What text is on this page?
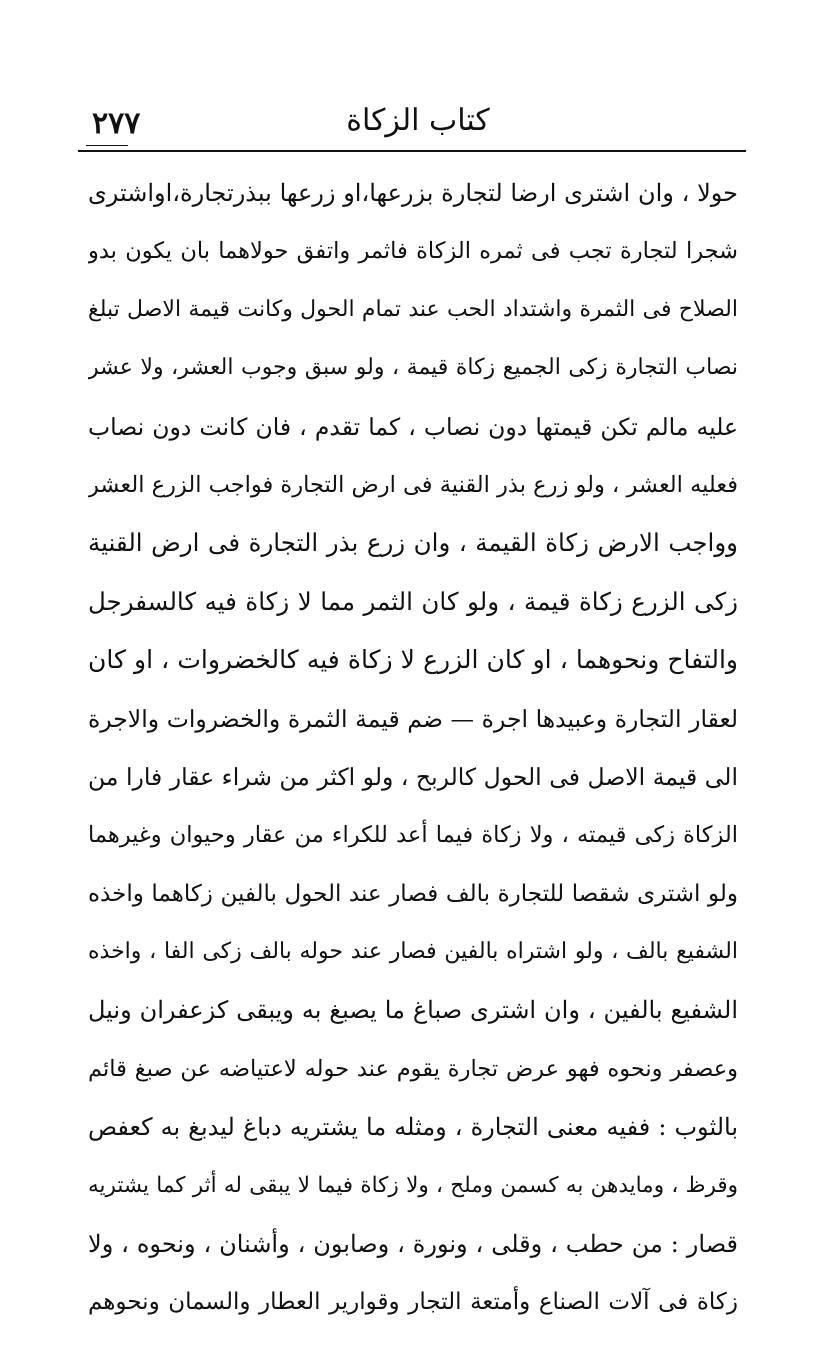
٢٧٧	كتاب الزكاة
حولا ، وان اشترى ارضا لتجارة بزرعها،او زرعها ببذرتجارة،اواشترى
شجرا لتجارة تجب فى ثمره الزكاة فاثمر واتفق حولاهما بان يكون بدو
الصلاح فى الثمرة واشتداد الحب عند تمام الحول وكانت قيمة الاصل تبلغ
نصاب التجارة زكى الجميع زكاة قيمة ، ولو سبق وجوب العشر، ولا عشر
عليه مالم تكن قيمتها دون نصاب ، كما تقدم ، فان كانت دون نصاب
فعليه العشر ، ولو زرع بذر القنية فى ارض التجارة فواجب الزرع العشر
وواجب الارض زكاة القيمة ، وان زرع بذر التجارة فى ارض القنية
زكى الزرع زكاة قيمة ، ولو كان الثمر مما لا زكاة فيه كالسفرجل
والتفاح ونحوهما ، او كان الزرع لا زكاة فيه كالخضروات ، او كان
لعقار التجارة وعبيدها اجرة — ضم قيمة الثمرة والخضروات والاجرة
الى قيمة الاصل فى الحول كالربح ، ولو اكثر من شراء عقار فارا من
الزكاة زكى قيمته ، ولا زكاة فيما أعد للكراء من عقار وحيوان وغيرهما
ولو اشترى شقصا للتجارة بالف فصار عند الحول بالفين زكاهما واخذه
الشفيع بالف ، ولو اشتراه بالفين فصار عند حوله بالف زكى الفا ، واخذه
الشفيع بالفين ، وان اشترى صباغ ما يصبغ به ويبقى كزعفران ونيل
وعصفر ونحوه فهو عرض تجارة يقوم عند حوله لاعتياضه عن صبغ قائم
بالثوب : ففيه معنى التجارة ، ومثله ما يشتريه دباغ ليدبغ به كعفص
وقرظ ، ومايدهن به كسمن وملح ، ولا زكاة فيما لا يبقى له أثر كما يشتريه
قصار : من حطب ، وقلى ، ونورة ، وصابون ، وأشنان ، ونحوه ، ولا
زكاة فى آلات الصناع وأمتعة التجار وقوارير العطار والسمان ونحوهم
